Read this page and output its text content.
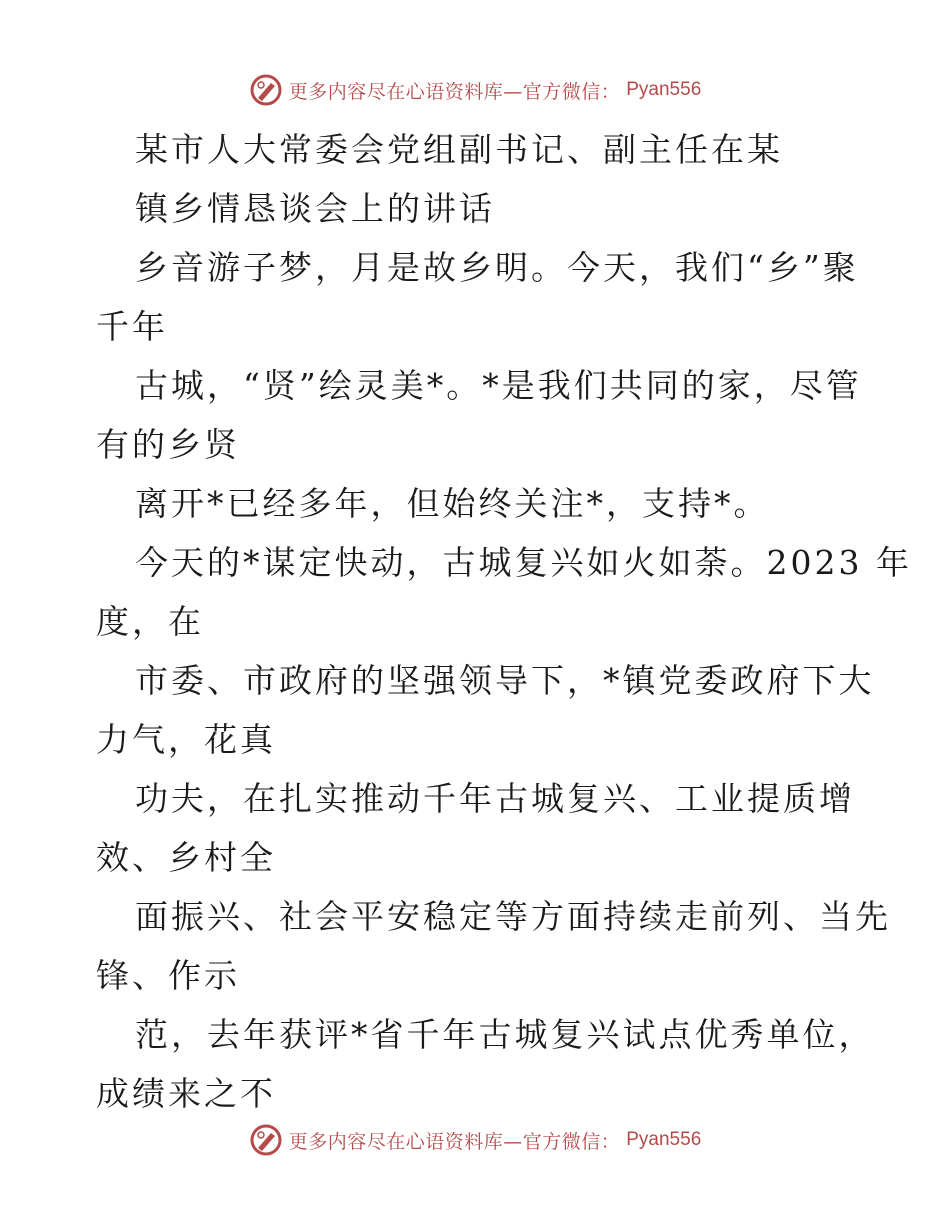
更多内容尽在心语资料库—官方微信： Pyan556
某市人大常委会党组副书记、副主任在某
镇乡情恳谈会上的讲话
乡音游子梦，月是故乡明。今天，我们“乡”聚
千年
古城，“贤”绘灵美*。*是我们共同的家，尽管
有的乡贤
离开*已经多年，但始终关注*，支持*。
今天的*谋定快动，古城复兴如火如荼。2023 年
度，在
市委、市政府的坚强领导下，*镇党委政府下大
力气，花真
功夫，在扎实推动千年古城复兴、工业提质增
效、乡村全
面振兴、社会平安稳定等方面持续走前列、当先
锋、作示
范，去年获评*省千年古城复兴试点优秀单位，
成绩来之不
更多内容尽在心语资料库—官方微信： Pyan556
